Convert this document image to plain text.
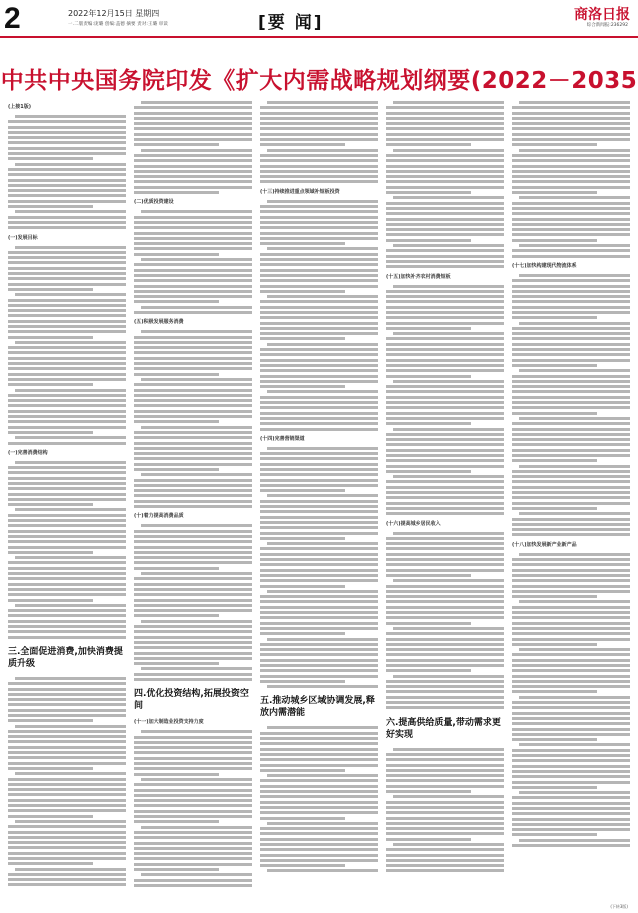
2	2022年12月15日 星期四
一.二版责编:庞璐 创编:盖德 摘要 责对:王璐 审读	[要 闻]	商洛日报
综合新闻报:236292
中共中央国务院印发《扩大内需战略规划纲要(2022－2035
(上接1版)
(一)发展目标
(一)完善消费结构
三.全面促进消费,加快消费提质升级
(二)优质投资建设
(五)积极发展服务消费
(十)着力提高消费品质
四.优化投资结构,拓展投资空间
(十一)加大制造业投资支持力度
(十三)持续推进重点领域补短板投资
(十四)完善营销渠道
五.推动城乡区域协调发展,释放内需潜能
(十五)加快补齐农村消费短板
(十六)提高城乡居民收入
六.提高供给质量,带动需求更好实现
(十七)加快构建现代物流体系
(十八)加快发展新产业新产品
(下转3版)
